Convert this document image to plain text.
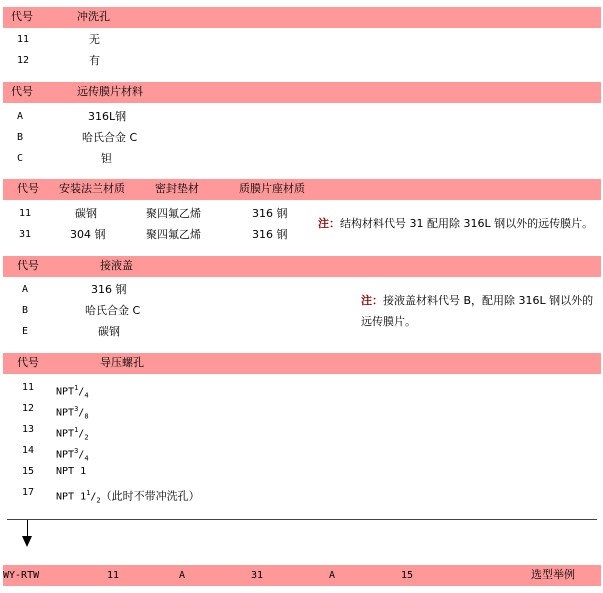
代号	冲洗孔
11	无
12	有
代号	远传膜片材料
A	316L钢
B	哈氏合金 C
C	钽
代号 安装法兰材质	密封垫材	质膜片座材质
11	碳钢	聚四氟乙烯	316 钢
31	304 钢	聚四氟乙烯	316 钢
注：结构材料代号 31 配用除 316L 钢以外的远传膜片。
代号	接液盖
A	316 钢
B	哈氏合金 C
E	碳钢
注：接液盖材料代号 B，配用除 316L 钢以外的
远传膜片。
代号	导压螺孔
11 $NPT^1/_4$
12 $NPT^3/_8$
13 $NPT^1/_2$
14 $NPT^3/_4$
15 NPT 1
17 NPT $1^1/_2$（此时不带冲洗孔）
WY-RTW	11	A	31	A	15	选型举例
